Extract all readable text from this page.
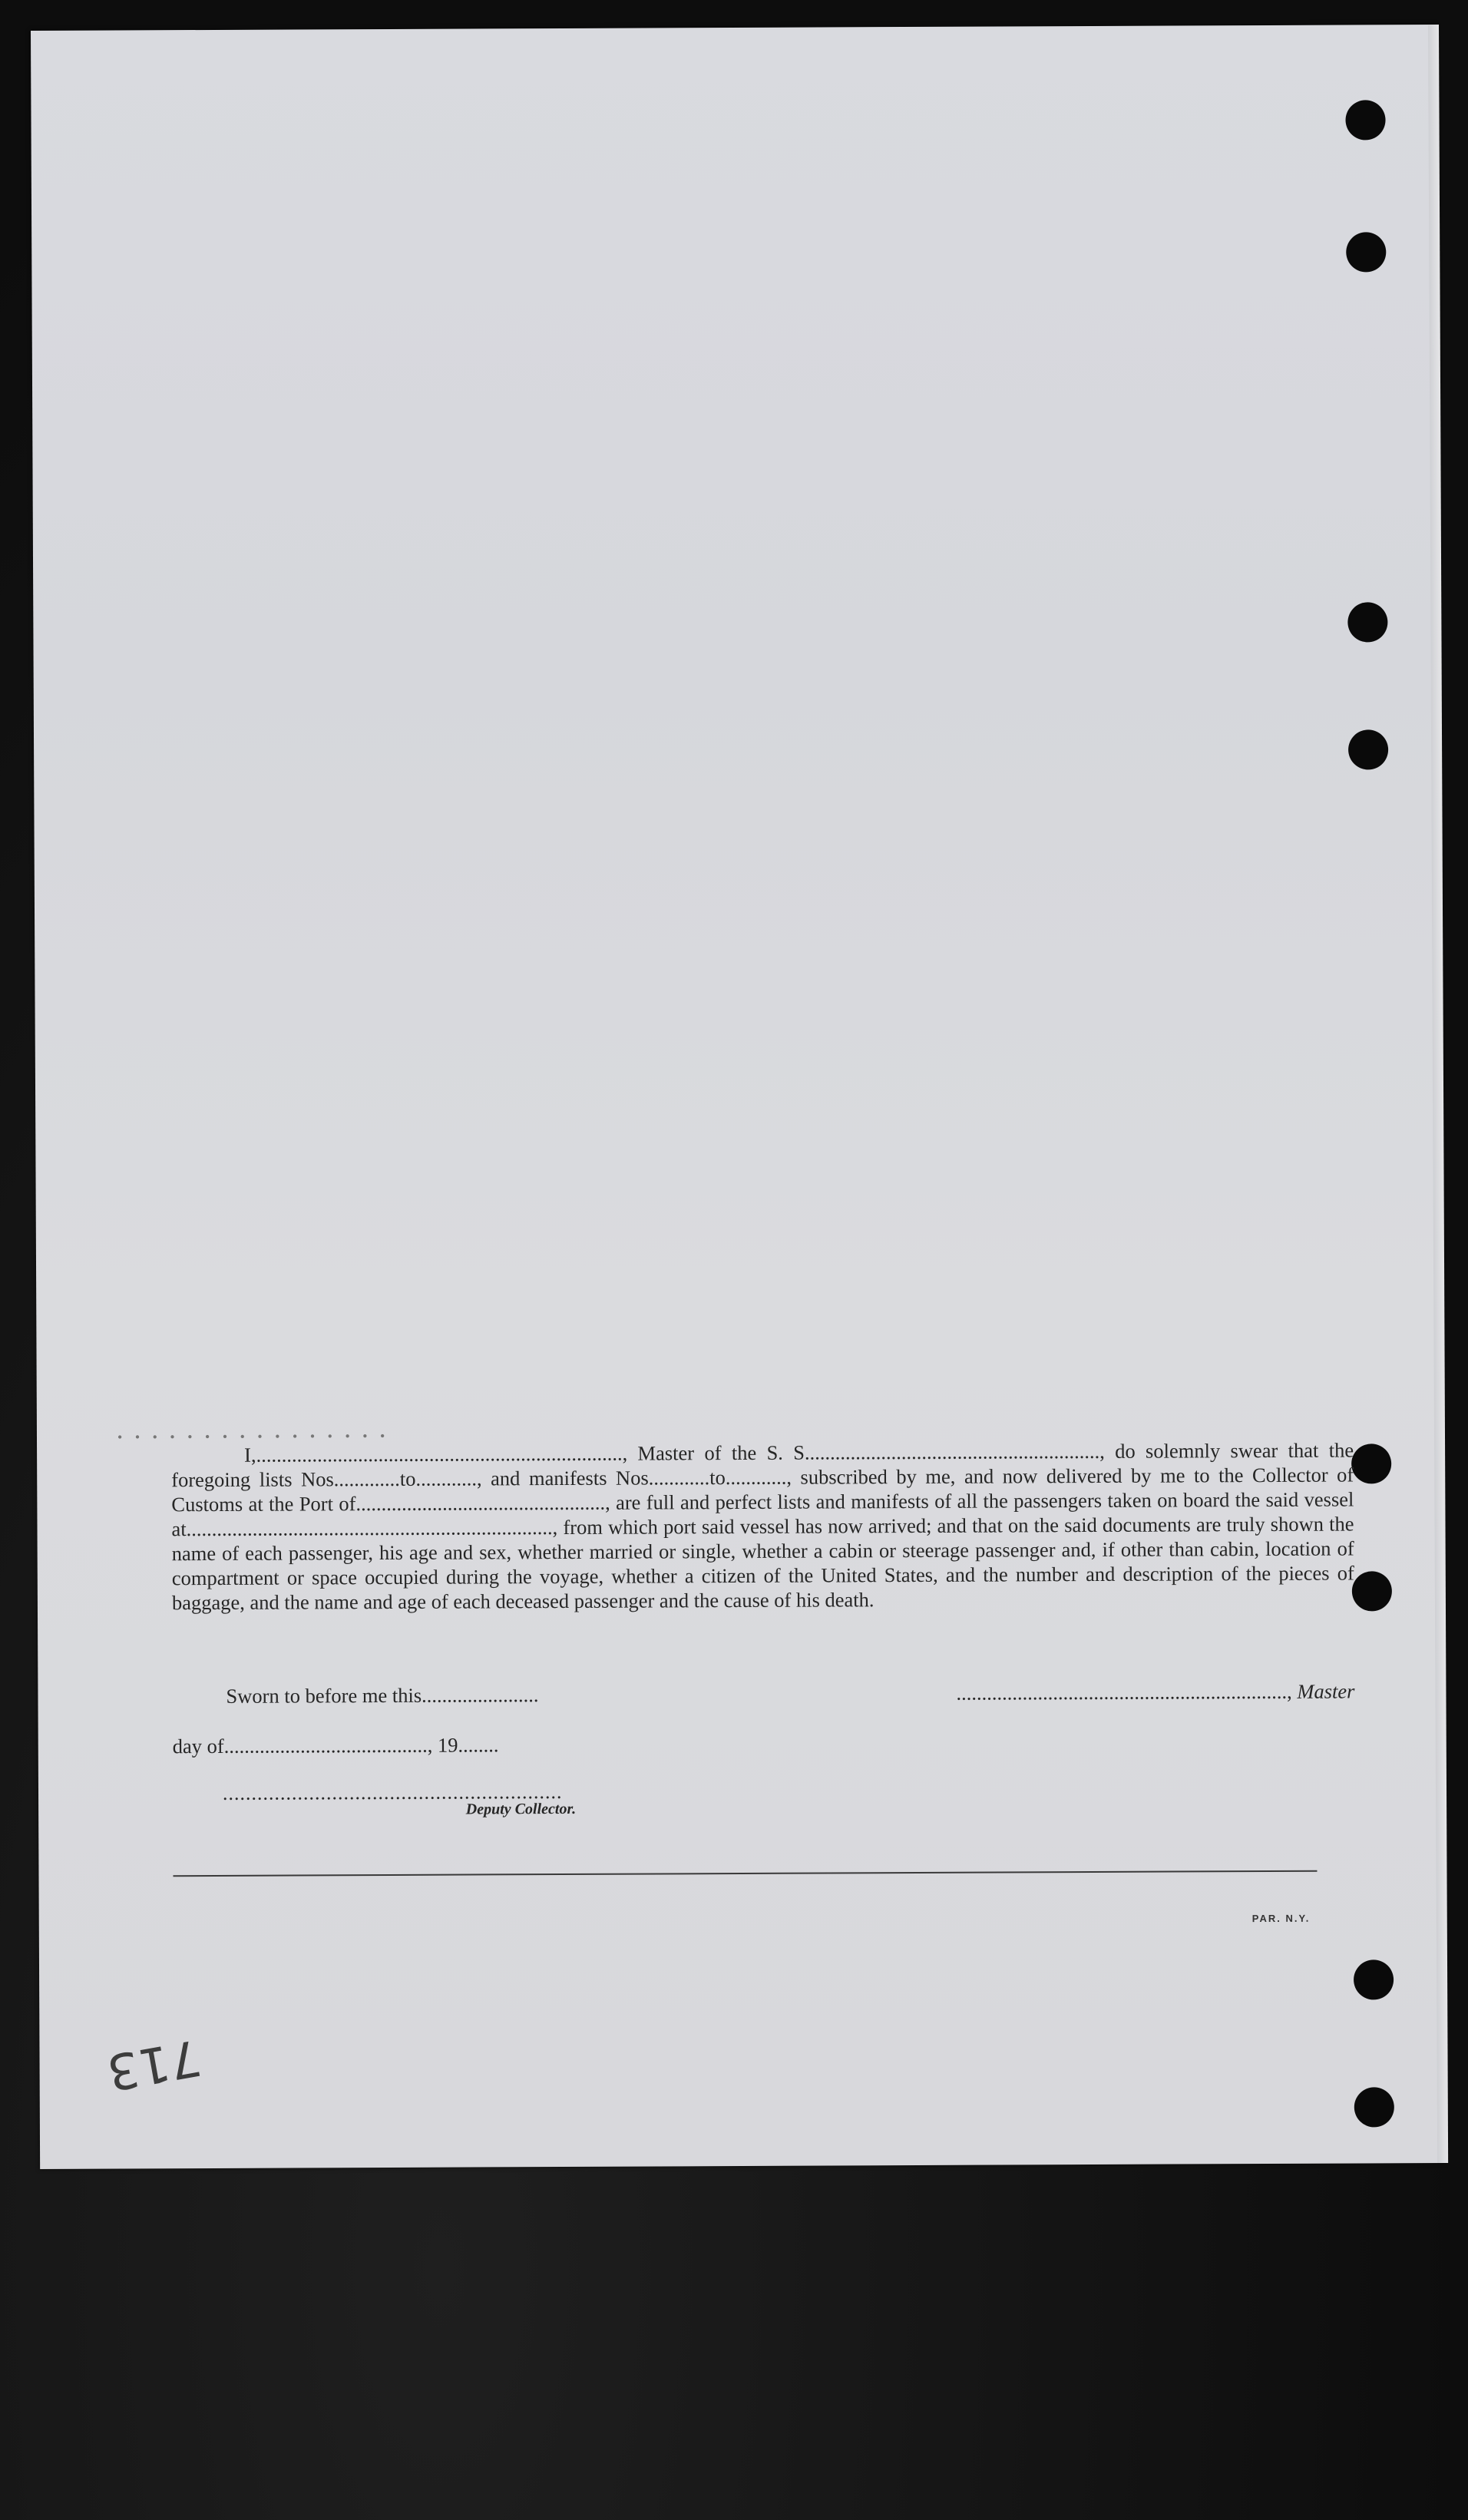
• • • • • • • • • • • • • • • •

I,........................................................................, Master of the S. S.........................................................., do solemnly swear that the foregoing lists Nos.............to............, and manifests Nos............to............, subscribed by me, and now delivered by me to the Collector of Customs at the Port of................................................., are full and perfect lists and manifests of all the passengers taken on board the said vessel at........................................................................, from which port said vessel has now arrived; and that on the said documents are truly shown the name of each passenger, his age and sex, whether married or single, whether a cabin or steerage passenger and, if other than cabin, location of compartment or space occupied during the voyage, whether a citizen of the United States, and the number and description of the pieces of baggage, and the name and age of each deceased passenger and the cause of his death.

Sworn to before me this.......................	................................................................., Master
day of........................................, 19........
...........................................................
Deputy Collector.
PAR. N.Y.
713
